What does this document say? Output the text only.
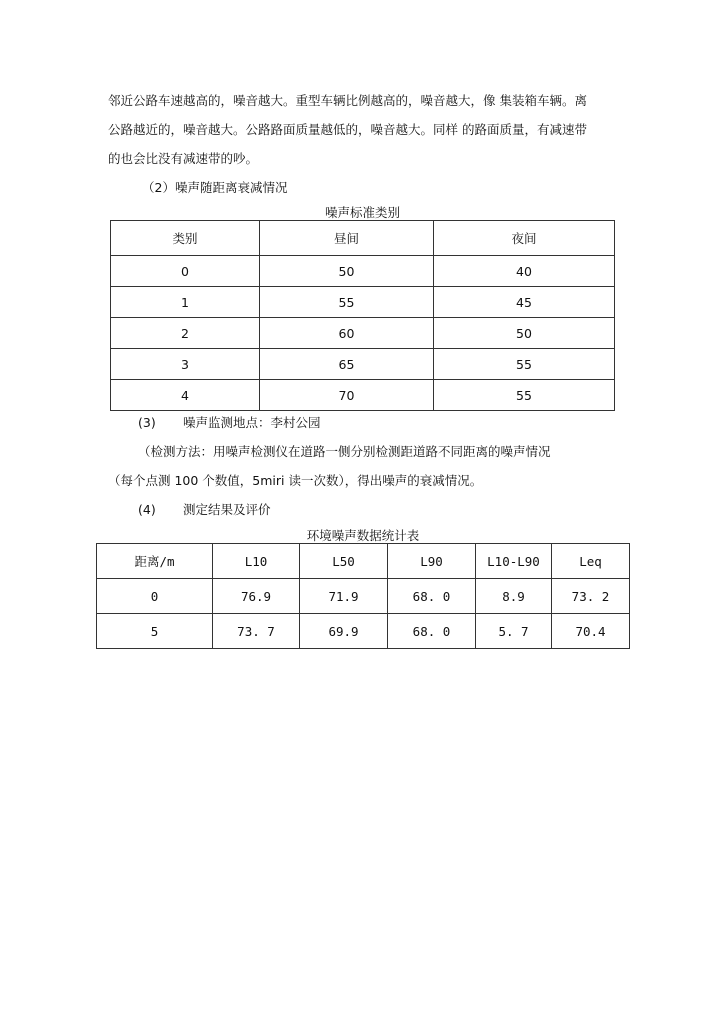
邻近公路车速越高的，噪音越大。重型车辆比例越高的，噪音越大，像 集装箱车辆。离
公路越近的，噪音越大。公路路面质量越低的，噪音越大。同样 的路面质量，有减速带
的也会比没有减速带的吵。
（2）噪声随距离衰减情况
噪声标准类别
类别	昼间	夜间
0	50	40
1	55	45
2	60	50
3	65	55
4	70	55
(3) 噪声监测地点：李村公园
（检测方法：用噪声检测仪在道路一侧分别检测距道路不同距离的噪声情况
（每个点测 100 个数值，5miri 读一次数），得出噪声的衰减情况。
(4) 测定结果及评价
环境噪声数据统计表
距离/m	L10	L50	L90	L10-L90	Leq
0	76.9	71.9	68. 0	8.9	73. 2
5	73. 7	69.9	68. 0	5. 7	70.4
